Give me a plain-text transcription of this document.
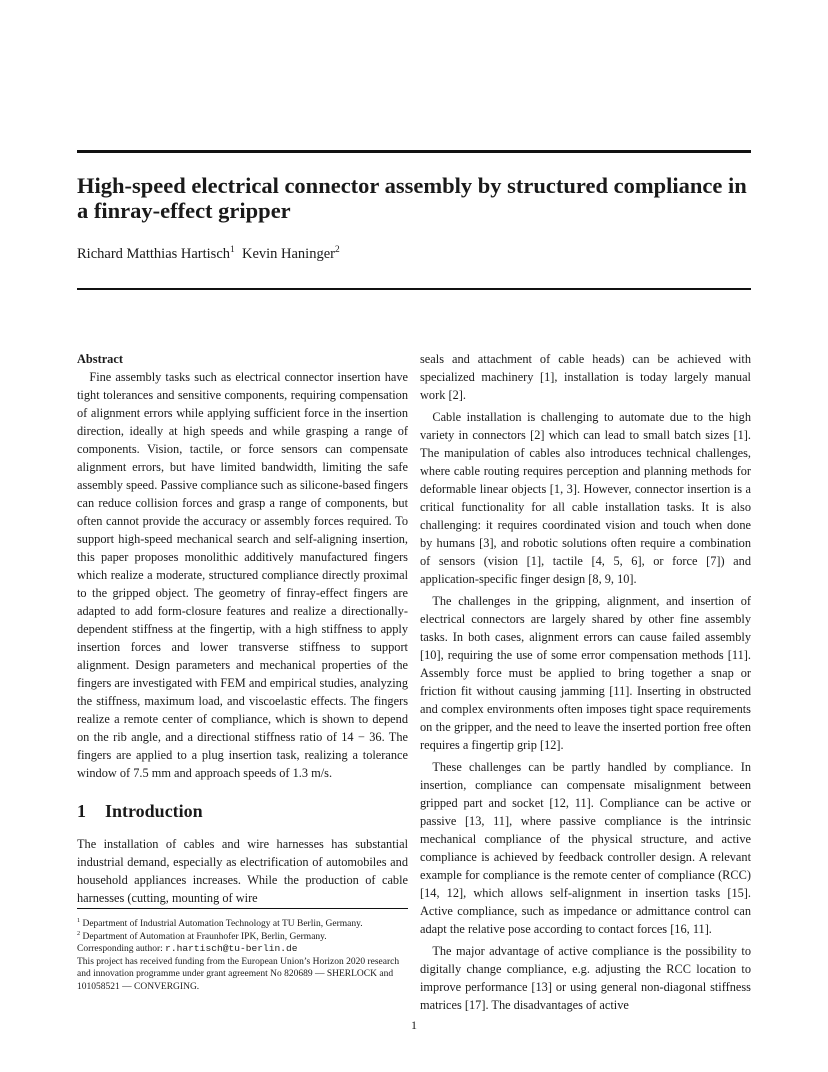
High-speed electrical connector assembly by structured compliance in a finray-effect gripper
Richard Matthias Hartisch$^1$ Kevin Haninger$^2$
Abstract

Fine assembly tasks such as electrical connector insertion have tight tolerances and sensitive components, requiring compensation of alignment errors while applying sufficient force in the insertion direction, ideally at high speeds and while grasping a range of components. Vision, tactile, or force sensors can compensate alignment errors, but have limited bandwidth, limiting the safe assembly speed. Passive compliance such as silicone-based fingers can reduce collision forces and grasp a range of components, but often cannot provide the accuracy or assembly forces required. To support high-speed mechanical search and self-aligning insertion, this paper proposes monolithic additively manufactured fingers which realize a moderate, structured compliance directly proximal to the gripped object. The geometry of finray-effect fingers are adapted to add form-closure features and realize a directionally-dependent stiffness at the fingertip, with a high stiffness to apply insertion forces and lower transverse stiffness to support alignment. Design parameters and mechanical properties of the fingers are investigated with FEM and empirical studies, analyzing the stiffness, maximum load, and viscoelastic effects. The fingers realize a remote center of compliance, which is shown to depend on the rib angle, and a directional stiffness ratio of 14 − 36. The fingers are applied to a plug insertion task, realizing a tolerance window of 7.5 mm and approach speeds of 1.3 m/s.

1 Introduction

The installation of cables and wire harnesses has substantial industrial demand, especially as electrification of automobiles and household appliances increases. While the production of cable harnesses (cutting, mounting of wire

seals and attachment of cable heads) can be achieved with specialized machinery [1], installation is today largely manual work [2].

Cable installation is challenging to automate due to the high variety in connectors [2] which can lead to small batch sizes [1]. The manipulation of cables also introduces technical challenges, where cable routing requires perception and planning methods for deformable linear objects [1, 3]. However, connector insertion is a critical functionality for all cable installation tasks. It is also challenging: it requires coordinated vision and touch when done by humans [3], and robotic solutions often require a combination of sensors (vision [1], tactile [4, 5, 6], or force [7]) and application-specific finger design [8, 9, 10].

The challenges in the gripping, alignment, and insertion of electrical connectors are largely shared by other fine assembly tasks. In both cases, alignment errors can cause failed assembly [10], requiring the use of some error compensation methods [11]. Assembly force must be applied to bring together a snap or friction fit without causing jamming [11]. Inserting in obstructed and complex environments often imposes tight space requirements on the gripper, and the need to leave the inserted portion free often requires a fingertip grip [12].

These challenges can be partly handled by compliance. In insertion, compliance can compensate misalignment between gripped part and socket [12, 11]. Compliance can be active or passive [13, 11], where passive compliance is the intrinsic mechanical compliance of the physical structure, and active compliance is achieved by feedback controller design. A relevant example for compliance is the remote center of compliance (RCC) [14, 12], which allows self-alignment in insertion tasks [15]. Active compliance, such as impedance or admittance control can adapt the relative pose according to contact forces [16, 11].

The major advantage of active compliance is the possibility to digitally change compliance, e.g. adjusting the RCC location to improve performance [13] or using general non-diagonal stiffness matrices [17]. The disadvantages of active

$^1$ Department of Industrial Automation Technology at TU Berlin, Germany.

$^2$ Department of Automation at Fraunhofer IPK, Berlin, Germany.

Corresponding author: r.hartisch@tu-berlin.de

This project has received funding from the European Union’s Horizon 2020 research and innovation programme under grant agreement No 820689 — SHERLOCK and 101058521 — CONVERGING.

1
